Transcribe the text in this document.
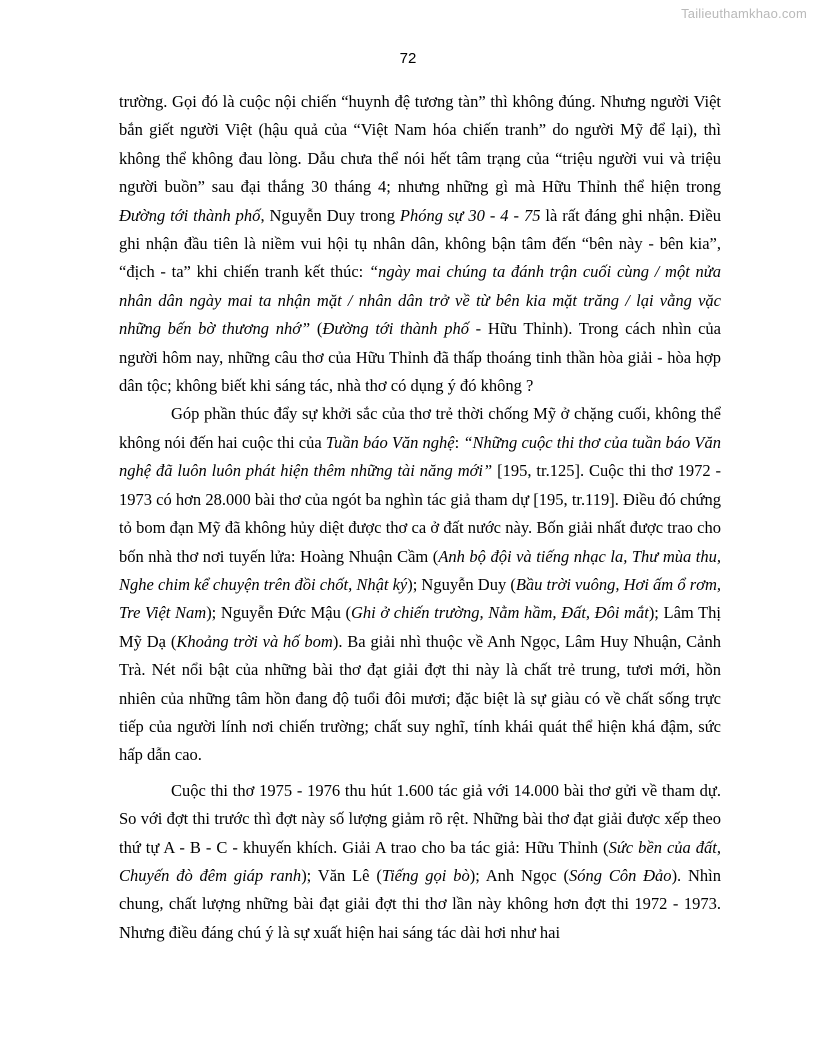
Tailieuthamkhao.com
72

trường. Gọi đó là cuộc nội chiến “huynh đệ tương tàn” thì không đúng. Nhưng người Việt bắn giết người Việt (hậu quả của “Việt Nam hóa chiến tranh” do người Mỹ để lại), thì không thể không đau lòng. Dẫu chưa thể nói hết tâm trạng của “triệu người vui và triệu người buồn” sau đại thắng 30 tháng 4; nhưng những gì mà Hữu Thỉnh thể hiện trong Đường tới thành phố, Nguyễn Duy trong Phóng sự 30 - 4 - 75 là rất đáng ghi nhận. Điều ghi nhận đầu tiên là niềm vui hội tụ nhân dân, không bận tâm đến “bên này - bên kia”, “địch - ta” khi chiến tranh kết thúc: “ngày mai chúng ta đánh trận cuối cùng / một nửa nhân dân ngày mai ta nhận mặt / nhân dân trở về từ bên kia mặt trăng / lại vằng vặc những bến bờ thương nhớ” (Đường tới thành phố - Hữu Thỉnh). Trong cách nhìn của người hôm nay, những câu thơ của Hữu Thỉnh đã thấp thoáng tinh thần hòa giải - hòa hợp dân tộc; không biết khi sáng tác, nhà thơ có dụng ý đó không ?

Góp phần thúc đẩy sự khởi sắc của thơ trẻ thời chống Mỹ ở chặng cuối, không thể không nói đến hai cuộc thi của Tuần báo Văn nghệ: “Những cuộc thi thơ của tuần báo Văn nghệ đã luôn luôn phát hiện thêm những tài năng mới” [195, tr.125]. Cuộc thi thơ 1972 - 1973 có hơn 28.000 bài thơ của ngót ba nghìn tác giả tham dự [195, tr.119]. Điều đó chứng tỏ bom đạn Mỹ đã không hủy diệt được thơ ca ở đất nước này. Bốn giải nhất được trao cho bốn nhà thơ nơi tuyến lửa: Hoàng Nhuận Cầm (Anh bộ đội và tiếng nhạc la, Thư mùa thu, Nghe chim kể chuyện trên đồi chốt, Nhật ký); Nguyễn Duy (Bầu trời vuông, Hơi ấm ổ rơm, Tre Việt Nam); Nguyễn Đức Mậu (Ghi ở chiến trường, Nằm hầm, Đất, Đôi mắt); Lâm Thị Mỹ Dạ (Khoảng trời và hố bom). Ba giải nhì thuộc về Anh Ngọc, Lâm Huy Nhuận, Cảnh Trà. Nét nổi bật của những bài thơ đạt giải đợt thi này là chất trẻ trung, tươi mới, hồn nhiên của những tâm hồn đang độ tuổi đôi mươi; đặc biệt là sự giàu có về chất sống trực tiếp của người lính nơi chiến trường; chất suy nghĩ, tính khái quát thể hiện khá đậm, sức hấp dẫn cao.

Cuộc thi thơ 1975 - 1976 thu hút 1.600 tác giả với 14.000 bài thơ gửi về tham dự. So với đợt thi trước thì đợt này số lượng giảm rõ rệt. Những bài thơ đạt giải được xếp theo thứ tự A - B - C - khuyến khích. Giải A trao cho ba tác giả: Hữu Thỉnh (Sức bền của đất, Chuyến đò đêm giáp ranh); Văn Lê (Tiếng gọi bò); Anh Ngọc (Sóng Côn Đảo). Nhìn chung, chất lượng những bài đạt giải đợt thi thơ lần này không hơn đợt thi 1972 - 1973. Nhưng điều đáng chú ý là sự xuất hiện hai sáng tác dài hơi như hai
